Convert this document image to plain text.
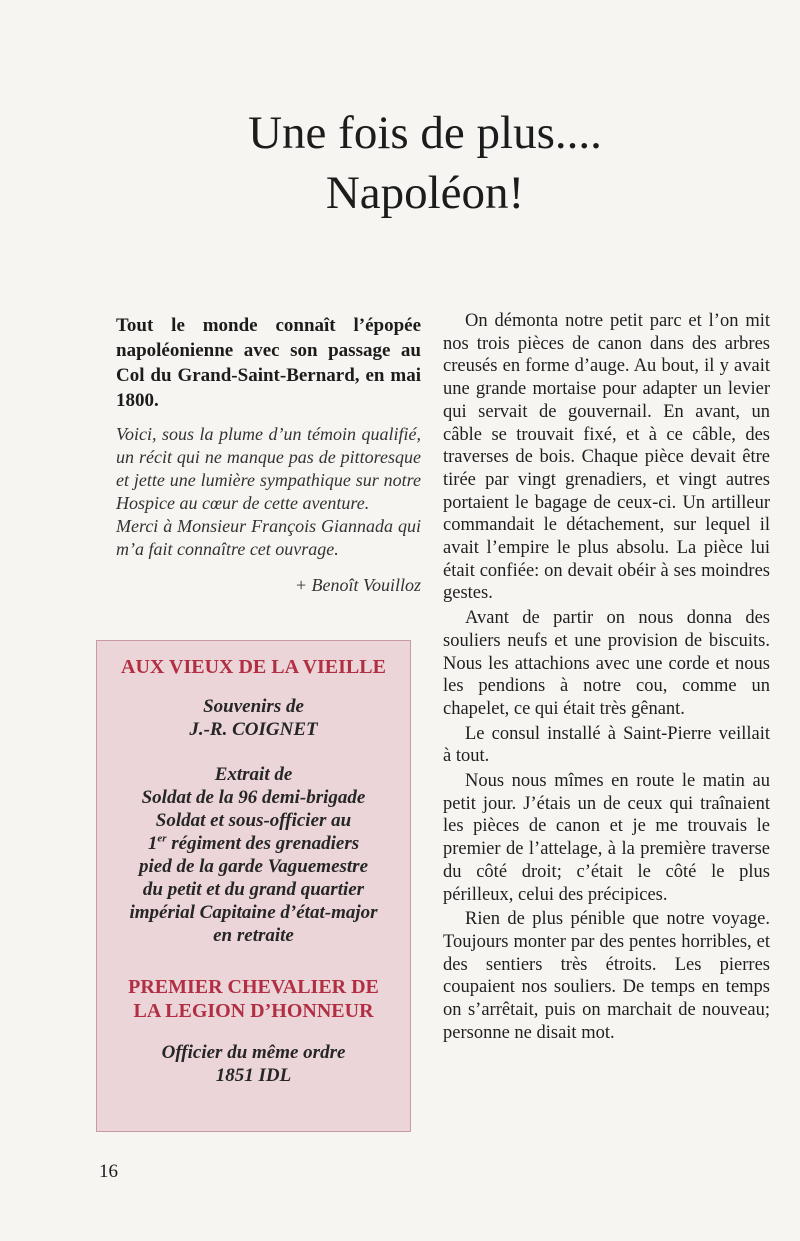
Une fois de plus....
Napoléon!

Tout le monde connaît l’épopée napoléonienne avec son passage au Col du Grand-Saint-Bernard, en mai 1800.

Voici, sous la plume d’un témoin qualifié, un récit qui ne manque pas de pittoresque et jette une lumière sympathique sur notre Hospice au cœur de cette aventure.

Merci à Monsieur François Giannada qui m’a fait connaître cet ouvrage.

+ Benoît Vouilloz

AUX VIEUX DE LA VIEILLE

Souvenirs de
J.-R. COIGNET

Extrait de
Soldat de la 96 demi-brigade
Soldat et sous-officier au
1er régiment des grenadiers
pied de la garde Vaguemestre
du petit et du grand quartier
impérial Capitaine d’état-major
en retraite

PREMIER CHEVALIER DE
LA LEGION D’HONNEUR

Officier du même ordre
1851 IDL

On démonta notre petit parc et l’on mit nos trois pièces de canon dans des arbres creusés en forme d’auge. Au bout, il y avait une grande mortaise pour adapter un levier qui servait de gouvernail. En avant, un câble se trouvait fixé, et à ce câble, des traverses de bois. Chaque pièce devait être tirée par vingt grenadiers, et vingt autres portaient le bagage de ceux-ci. Un artilleur commandait le détachement, sur lequel il avait l’empire le plus absolu. La pièce lui était confiée: on devait obéir à ses moindres gestes.

Avant de partir on nous donna des souliers neufs et une provision de biscuits. Nous les attachions avec une corde et nous les pendions à notre cou, comme un chapelet, ce qui était très gênant.

Le consul installé à Saint-Pierre veillait à tout.

Nous nous mîmes en route le matin au petit jour. J’étais un de ceux qui traînaient les pièces de canon et je me trouvais le premier de l’attelage, à la première traverse du côté droit; c’était le côté le plus périlleux, celui des précipices.

Rien de plus pénible que notre voyage. Toujours monter par des pentes horribles, et des sentiers très étroits. Les pierres coupaient nos souliers. De temps en temps on s’arrêtait, puis on marchait de nouveau; personne ne disait mot.

16
